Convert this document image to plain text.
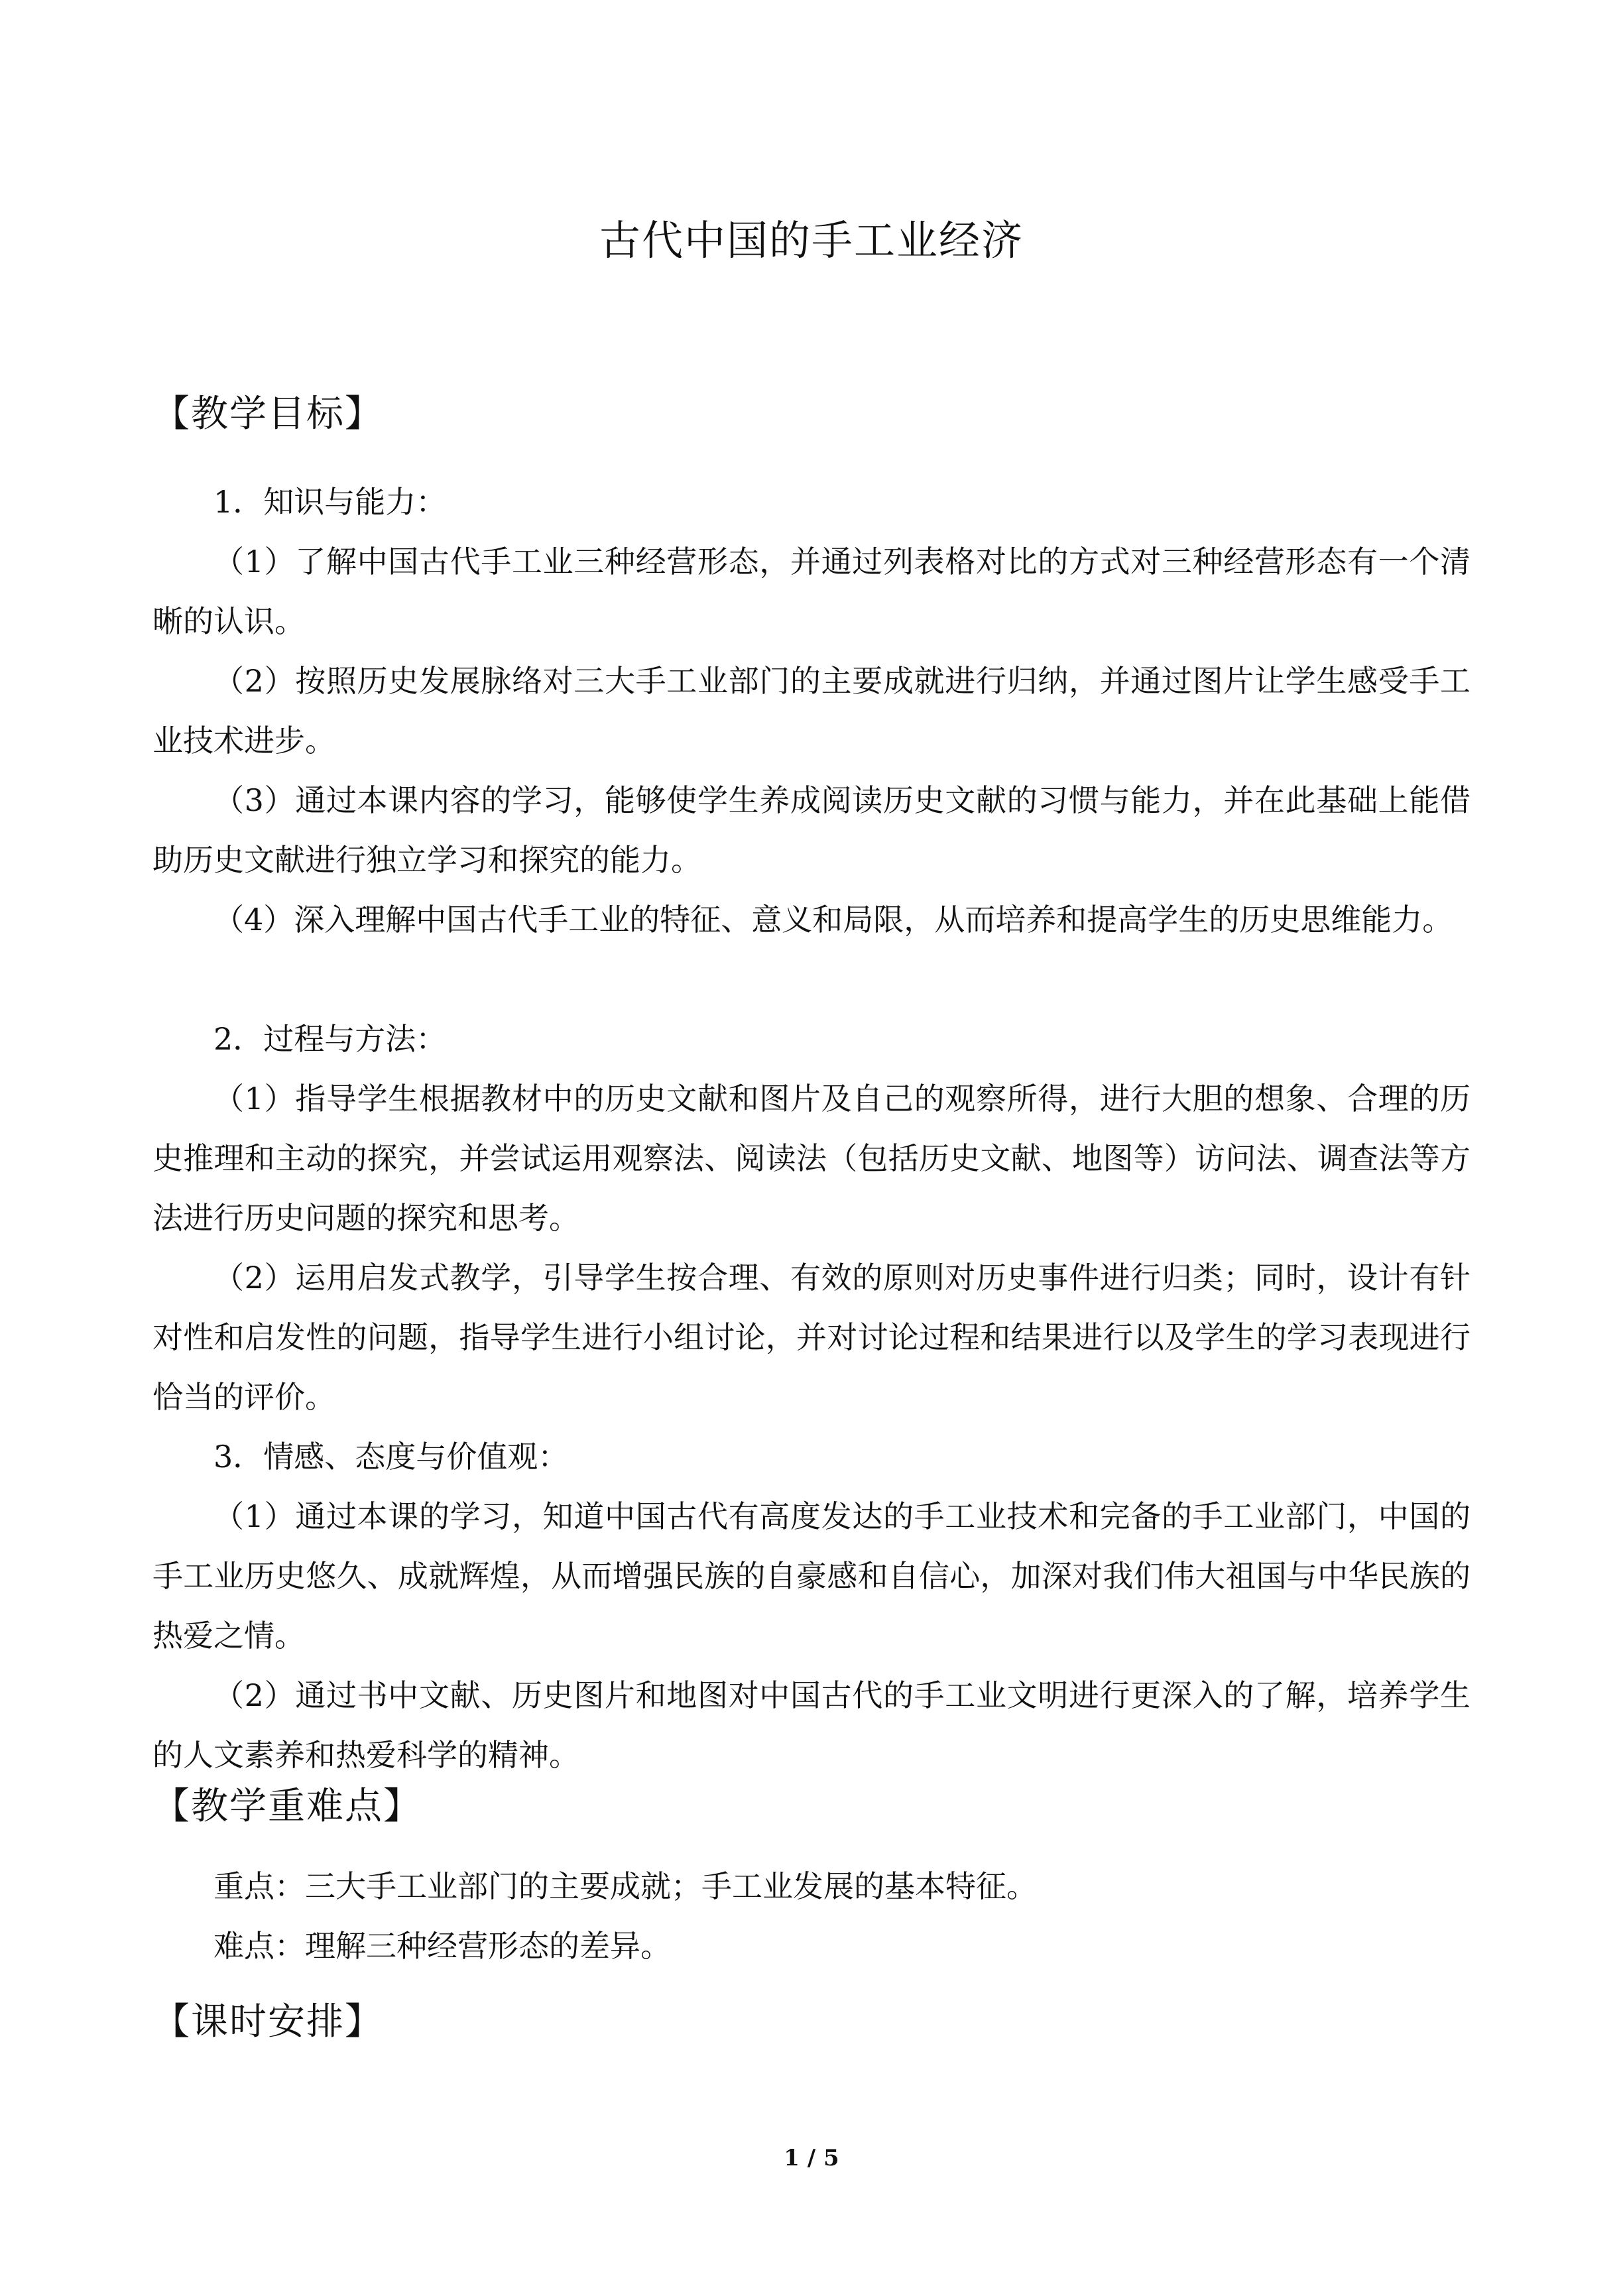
古代中国的手工业经济
【教学目标】
1．知识与能力：

（1）了解中国古代手工业三种经营形态，并通过列表格对比的方式对三种经营形态有一个清晰的认识。

（2）按照历史发展脉络对三大手工业部门的主要成就进行归纳，并通过图片让学生感受手工业技术进步。

（3）通过本课内容的学习，能够使学生养成阅读历史文献的习惯与能力，并在此基础上能借助历史文献进行独立学习和探究的能力。

（4）深入理解中国古代手工业的特征、意义和局限，从而培养和提高学生的历史思维能力。

2．过程与方法：

（1）指导学生根据教材中的历史文献和图片及自己的观察所得，进行大胆的想象、合理的历史推理和主动的探究，并尝试运用观察法、阅读法（包括历史文献、地图等）访问法、调查法等方法进行历史问题的探究和思考。

（2）运用启发式教学，引导学生按合理、有效的原则对历史事件进行归类；同时，设计有针对性和启发性的问题，指导学生进行小组讨论，并对讨论过程和结果进行以及学生的学习表现进行恰当的评价。

3．情感、态度与价值观：

（1）通过本课的学习，知道中国古代有高度发达的手工业技术和完备的手工业部门，中国的手工业历史悠久、成就辉煌，从而增强民族的自豪感和自信心，加深对我们伟大祖国与中华民族的热爱之情。

（2）通过书中文献、历史图片和地图对中国古代的手工业文明进行更深入的了解，培养学生的人文素养和热爱科学的精神。

【教学重难点】

重点：三大手工业部门的主要成就；手工业发展的基本特征。

难点：理解三种经营形态的差异。

【课时安排】
1 / 5
